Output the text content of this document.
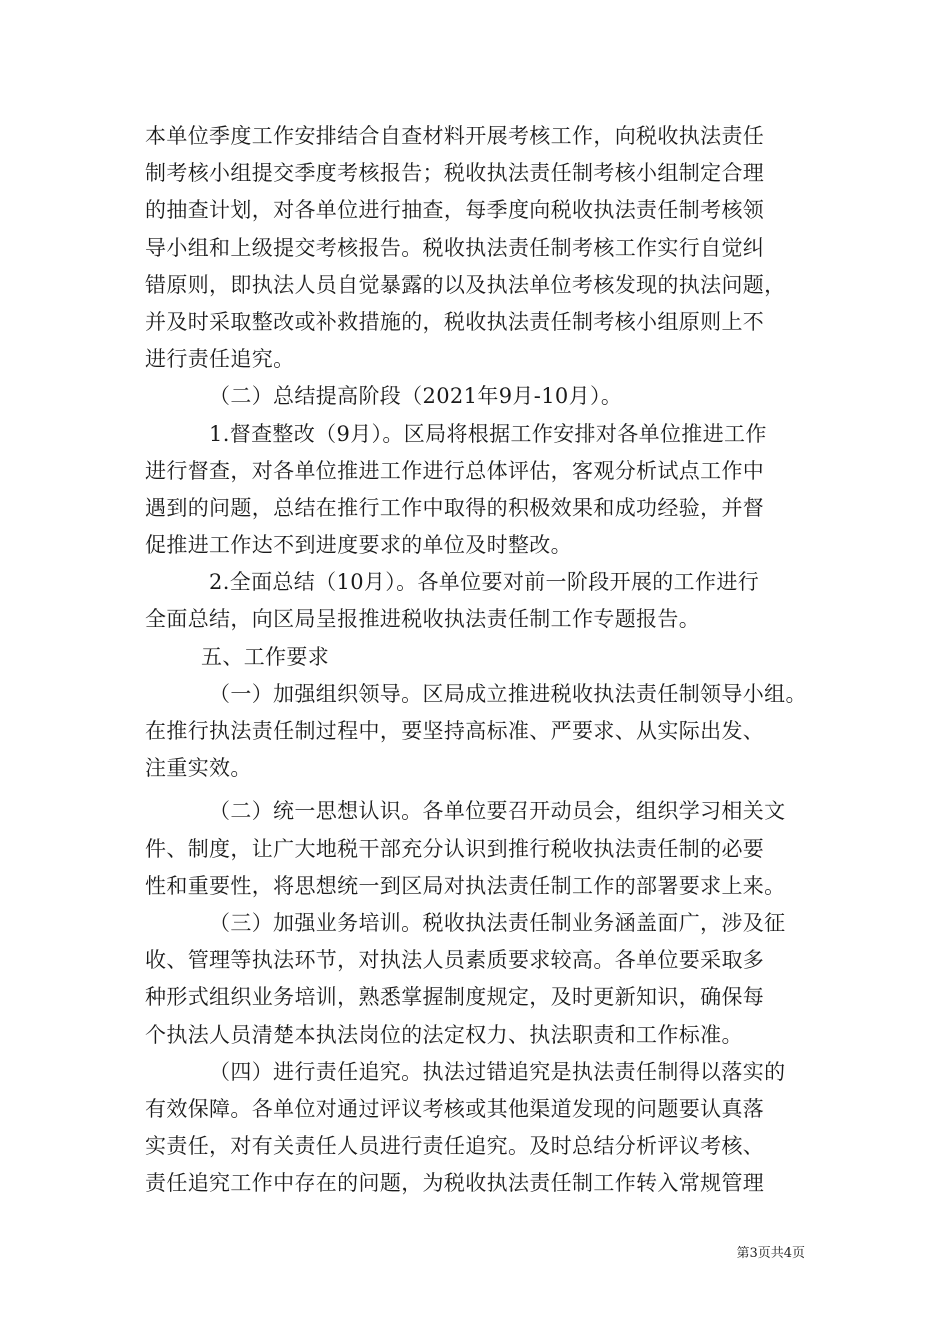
本单位季度工作安排结合自查材料开展考核工作，向税收执法责任
制考核小组提交季度考核报告；税收执法责任制考核小组制定合理
的抽查计划，对各单位进行抽查，每季度向税收执法责任制考核领
导小组和上级提交考核报告。税收执法责任制考核工作实行自觉纠
错原则，即执法人员自觉暴露的以及执法单位考核发现的执法问题，
并及时采取整改或补救措施的，税收执法责任制考核小组原则上不
进行责任追究。
（二）总结提高阶段（2021年9月-10月）。
1.督查整改（9月）。区局将根据工作安排对各单位推进工作
进行督查，对各单位推进工作进行总体评估，客观分析试点工作中
遇到的问题，总结在推行工作中取得的积极效果和成功经验，并督
促推进工作达不到进度要求的单位及时整改。
2.全面总结（10月）。各单位要对前一阶段开展的工作进行
全面总结，向区局呈报推进税收执法责任制工作专题报告。
五、工作要求
（一）加强组织领导。区局成立推进税收执法责任制领导小组。
在推行执法责任制过程中，要坚持高标准、严要求、从实际出发、
注重实效。
（二）统一思想认识。各单位要召开动员会，组织学习相关文
件、制度，让广大地税干部充分认识到推行税收执法责任制的必要
性和重要性，将思想统一到区局对执法责任制工作的部署要求上来。
（三）加强业务培训。税收执法责任制业务涵盖面广，涉及征
收、管理等执法环节，对执法人员素质要求较高。各单位要采取多
种形式组织业务培训，熟悉掌握制度规定，及时更新知识，确保每
个执法人员清楚本执法岗位的法定权力、执法职责和工作标准。
（四）进行责任追究。执法过错追究是执法责任制得以落实的
有效保障。各单位对通过评议考核或其他渠道发现的问题要认真落
实责任，对有关责任人员进行责任追究。及时总结分析评议考核、
责任追究工作中存在的问题，为税收执法责任制工作转入常规管理
第3页共4页
